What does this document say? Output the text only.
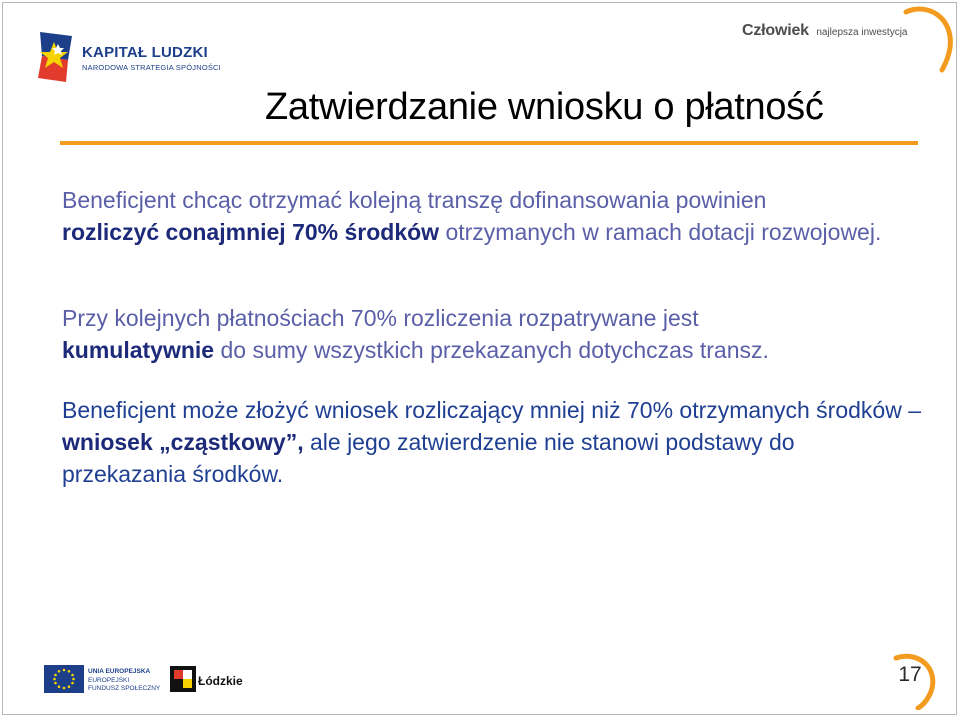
KAPITAŁ LUDZKI
NARODOWA STRATEGIA SPÓJNOŚCI
Człowiek najlepsza inwestycja
Zatwierdzanie wniosku o płatność

Beneficjent chcąc otrzymać kolejną transzę dofinansowania powinien
rozliczyć conajmniej 70% środków otrzymanych w ramach dotacji rozwojowej.

Przy kolejnych płatnościach 70% rozliczenia rozpatrywane jest
kumulatywnie do sumy wszystkich przekazanych dotychczas transz.

Beneficjent może złożyć wniosek rozliczający mniej niż 70% otrzymanych środków – wniosek „cząstkowy”, ale jego zatwierdzenie nie stanowi podstawy do przekazania środków.

UNIA EUROPEJSKA
EUROPEJSKI
FUNDUSZ SPOŁECZNY
Łódzkie	17
